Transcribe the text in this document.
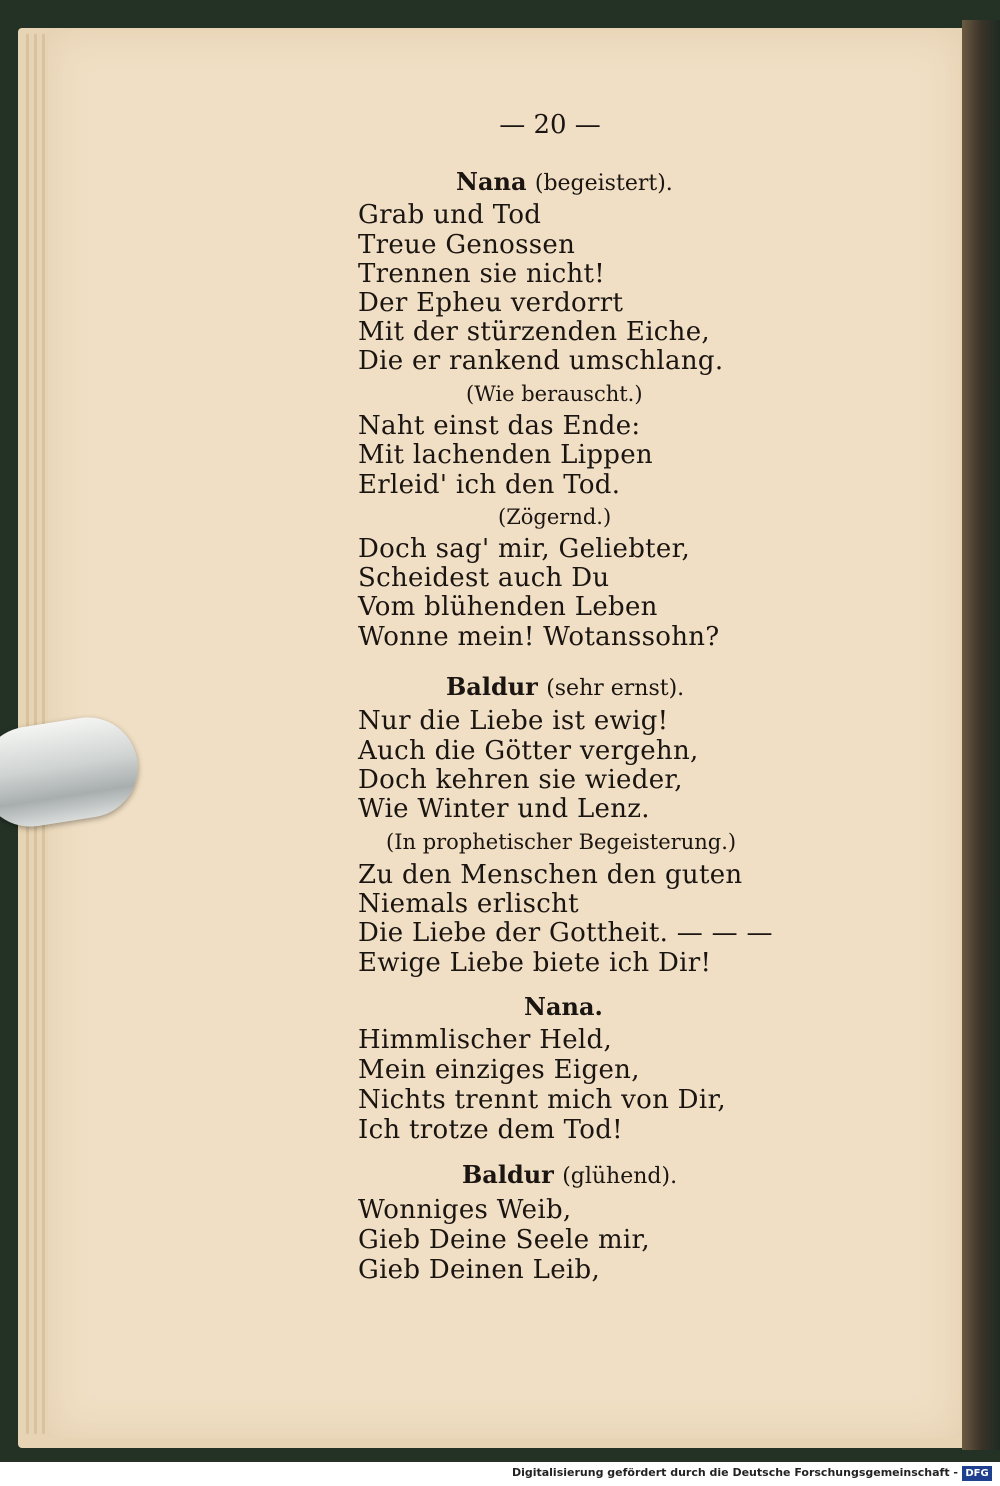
— 20 —
Nana (begeistert).
Grab und Tod
Treue Genossen
Trennen sie nicht!
Der Epheu verdorrt
Mit der stürzenden Eiche,
Die er rankend umschlang.
(Wie berauscht.)
Naht einst das Ende:
Mit lachenden Lippen
Erleid' ich den Tod.
(Zögernd.)
Doch sag' mir, Geliebter,
Scheidest auch Du
Vom blühenden Leben
Wonne mein! Wotanssohn?
Baldur (sehr ernst).
Nur die Liebe ist ewig!
Auch die Götter vergehn,
Doch kehren sie wieder,
Wie Winter und Lenz.
(In prophetischer Begeisterung.)
Zu den Menschen den guten
Niemals erlischt
Die Liebe der Gottheit. — — —
Ewige Liebe biete ich Dir!
Nana.
Himmlischer Held,
Mein einziges Eigen,
Nichts trennt mich von Dir,
Ich trotze dem Tod!
Baldur (glühend).
Wonniges Weib,
Gieb Deine Seele mir,
Gieb Deinen Leib,
Digitalisierung gefördert durch die Deutsche Forschungsgemeinschaft - DFG
